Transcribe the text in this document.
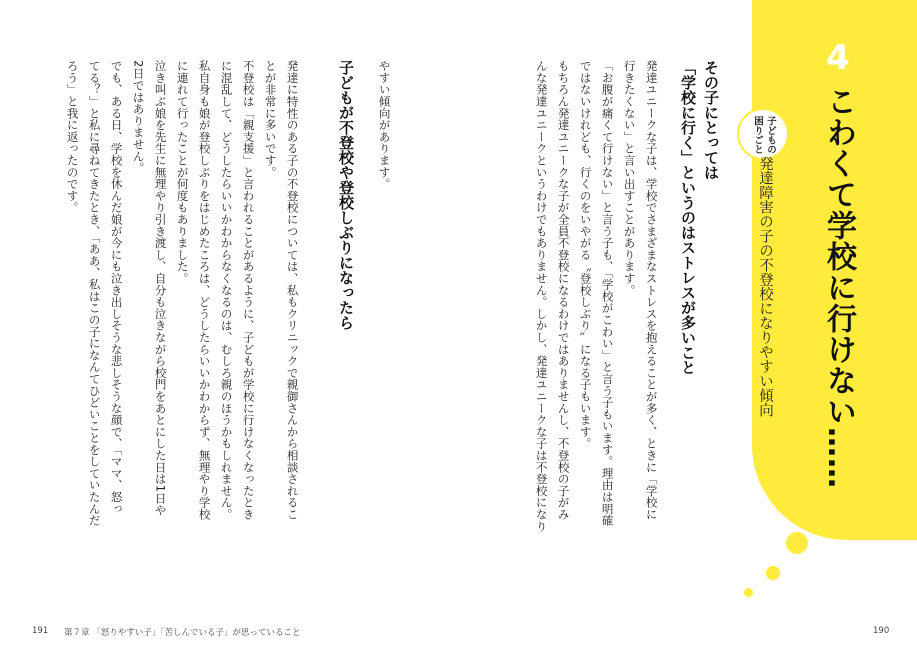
4
こわくて学校に行けない……
子どもの
困りごと
発達障害の子の不登校になりやすい傾向
その子にとっては
「学校に行く」というのはストレスが多いこと
発達ユニークな子は、学校でさまざまなストレスを抱えることが多く、ときに「学校に
行きたくない」と言い出すことがあります。
「お腹が痛くて行けない」と言う子も、「学校がこわい」と言う子もいます。理由は明確
ではないけれども、行くのをいやがる〝登校しぶり〟になる子もいます。
もちろん発達ユニークな子が全員不登校になるわけではありませんし、不登校の子がみ
んな発達ユニークというわけでもありません。しかし、発達ユニークな子は不登校になり
やすい傾向があります。
子どもが不登校や登校しぶりになったら
発達に特性のある子の不登校については、私もクリニックで親御さんから相談されるこ
とが非常に多いです。
不登校は「親支援」と言われることがあるように、子どもが学校に行けなくなったとき
に混乱して、どうしたらいいかわからなくなるのは、むしろ親のほうかもしれません。
私自身も娘が登校しぶりをはじめたころは、どうしたらいいかわからず、無理やり学校
に連れて行ったことが何度もありました。
泣き叫ぶ娘を先生に無理やり引き渡し、自分も泣きながら校門をあとにした日は1日や
2日ではありません。
でも、ある日、学校を休んだ娘が今にも泣き出しそうな悲しそうな顔で、「ママ、怒っ
てる？」と私に尋ねてきたとき、「ああ、私はこの子になんてひどいことをしていたんだ
ろう」と我に返ったのです。
191 第７章 「怒りやすい子」「苦しんでいる子」が思っていること	190
